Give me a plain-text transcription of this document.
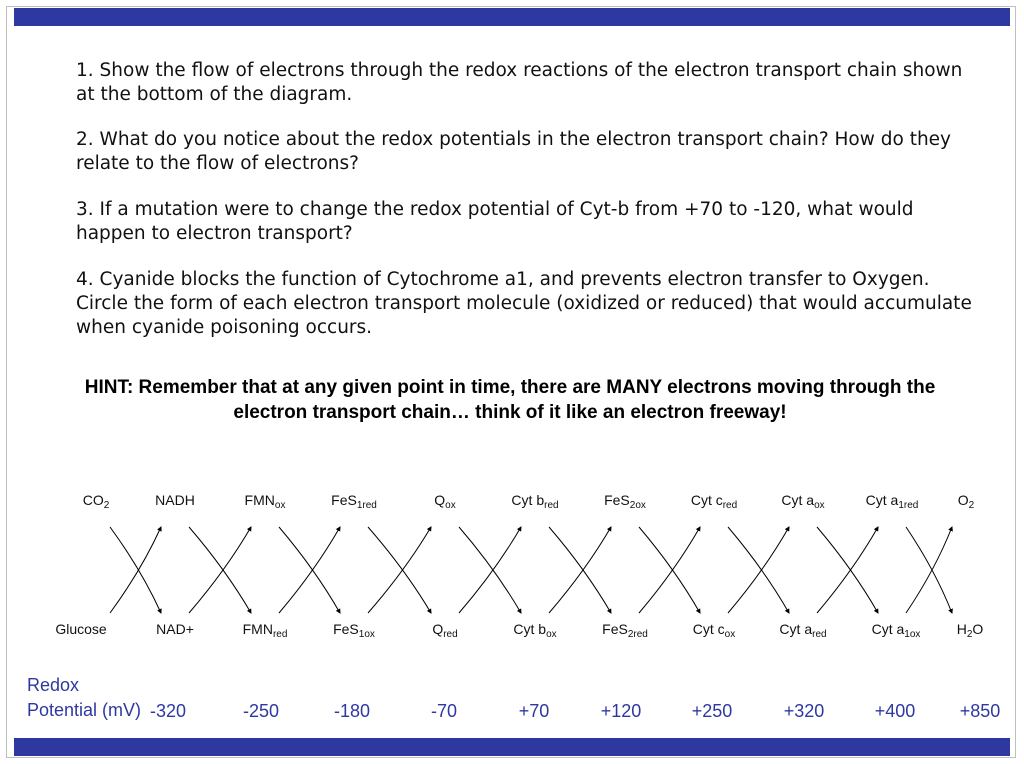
1. Show the flow of electrons through the redox reactions of the electron transport chain shown at the bottom of the diagram.

2. What do you notice about the redox potentials in the electron transport chain? How do they relate to the flow of electrons?

3. If a mutation were to change the redox potential of Cyt-b from +70 to -120, what would happen to electron transport?

4. Cyanide blocks the function of Cytochrome a1, and prevents electron transfer to Oxygen. Circle the form of each electron transport molecule (oxidized or reduced) that would accumulate when cyanide poisoning occurs.

HINT: Remember that at any given point in time, there are MANY electrons moving through the electron transport chain… think of it like an electron freeway!

$CO_2$	NADH	$FMN_{ox}$	FeS$_{1red}$	$Q_{ox}$	Cyt $b_{red}$	FeS$_{2ox}$	Cyt $c_{red}$	Cyt $a_{ox}$	Cyt $a_{1red}$	$O_2$
Glucose	NAD+	$FMN_{red}$	FeS$_{1ox}$	$Q_{red}$	Cyt $b_{ox}$	FeS$_{2red}$	Cyt $c_{ox}$	Cyt $a_{red}$	Cyt $a_{1ox}$	$H_2O$
Redox
Potential (mV) -320	-250	-180	-70	+70	+120	+250	+320	+400 +850
